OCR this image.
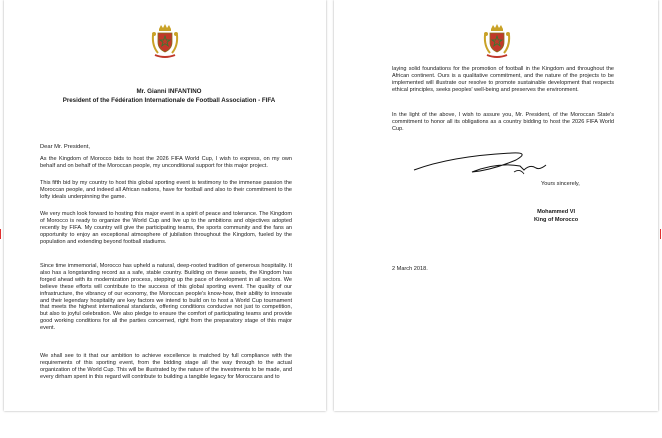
Mr. Gianni INFANTINO
President of the Fédération Internationale de Football Association - FIFA

Dear Mr. President,

As the Kingdom of Morocco bids to host the 2026 FIFA World Cup, I wish to express, on my own behalf and on behalf of the Moroccan people, my unconditional support for this major project.

This fifth bid by my country to host this global sporting event is testimony to the immense passion the Moroccan people, and indeed all African nations, have for football and also to their commitment to the lofty ideals underpinning the game.

We very much look forward to hosting this major event in a spirit of peace and tolerance. The Kingdom of Morocco is ready to organize the World Cup and live up to the ambitions and objectives adopted recently by FIFA. My country will give the participating teams, the sports community and the fans an opportunity to enjoy an exceptional atmosphere of jubilation throughout the Kingdom, fueled by the population and extending beyond football stadiums.

Since time immemorial, Morocco has upheld a natural, deep-rooted tradition of generous hospitality. It also has a longstanding record as a safe, stable country. Building on these assets, the Kingdom has forged ahead with its modernization process, stepping up the pace of development in all sectors. We believe these efforts will contribute to the success of this global sporting event. The quality of our infrastructure, the vibrancy of our economy, the Moroccan people's know-how, their ability to innovate and their legendary hospitality are key factors we intend to build on to host a World Cup tournament that meets the highest international standards, offering conditions conducive not just to competition, but also to joyful celebration. We also pledge to ensure the comfort of participating teams and provide good working conditions for all the parties concerned, right from the preparatory stage of this major event.

We shall see to it that our ambition to achieve excellence is matched by full compliance with the requirements of this sporting event, from the bidding stage all the way through to the actual organization of the World Cup. This will be illustrated by the nature of the investments to be made, and every dirham spent in this regard will contribute to building a tangible legacy for Moroccans and to

laying solid foundations for the promotion of football in the Kingdom and throughout the African continent. Ours is a qualitative commitment, and the nature of the projects to be implemented will illustrate our resolve to promote sustainable development that respects ethical principles, seeks peoples' well-being and preserves the environment.

In the light of the above, I wish to assure you, Mr. President, of the Moroccan State's commitment to honor all its obligations as a country bidding to host the 2026 FIFA World Cup.

Yours sincerely,
Mohammed VI
King of Morocco
2 March 2018.
